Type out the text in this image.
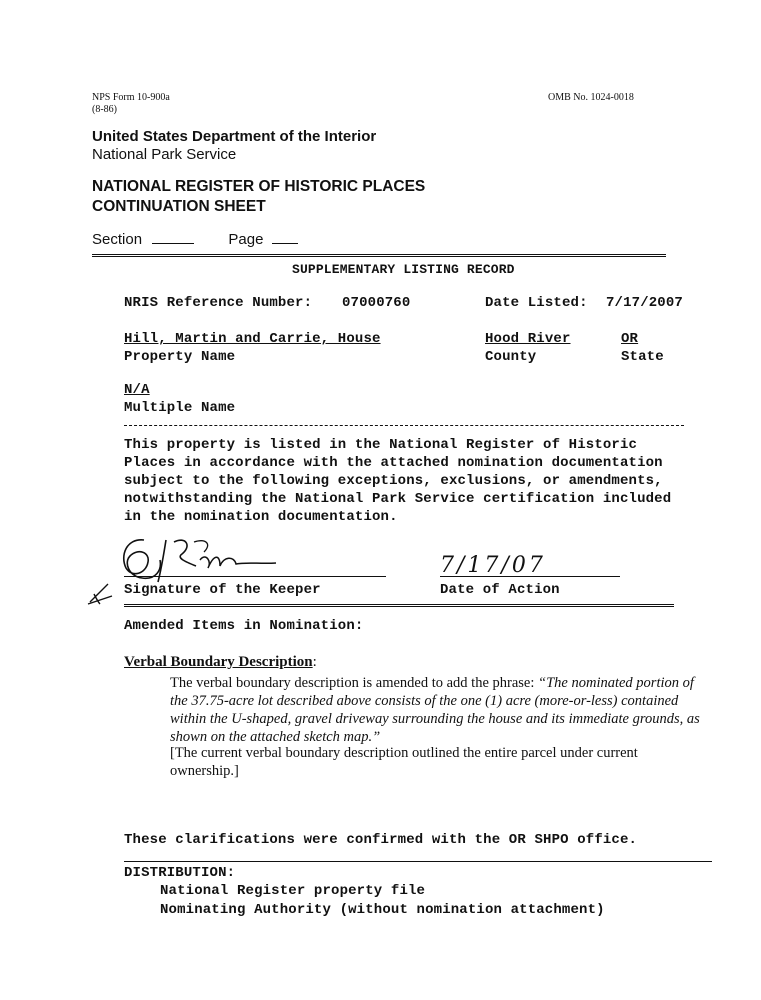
NPS Form 10-900a
(8-86)
OMB No. 1024-0018
United States Department of the Interior
National Park Service
NATIONAL REGISTER OF HISTORIC PLACES
CONTINUATION SHEET
Section	Page
SUPPLEMENTARY LISTING RECORD
NRIS Reference Number: 07000760	Date Listed: 7/17/2007
Hill, Martin and Carrie, House	Hood River	OR
Property Name	County	State
N/A
Multiple Name
This property is listed in the National Register of Historic
Places in accordance with the attached nomination documentation
subject to the following exceptions, exclusions, or amendments,
notwithstanding the National Park Service certification included
in the nomination documentation.
7/17/07
Signature of the Keeper	Date of Action
Amended Items in Nomination:
Verbal Boundary Description:
The verbal boundary description is amended to add the phrase: “The nominated portion of the 37.75-acre lot described above consists of the one (1) acre (more-or-less) contained within the U-shaped, gravel driveway surrounding the house and its immediate grounds, as shown on the attached sketch map.”
[The current verbal boundary description outlined the entire parcel under current ownership.]
These clarifications were confirmed with the OR SHPO office.
DISTRIBUTION:
National Register property file
Nominating Authority (without nomination attachment)
